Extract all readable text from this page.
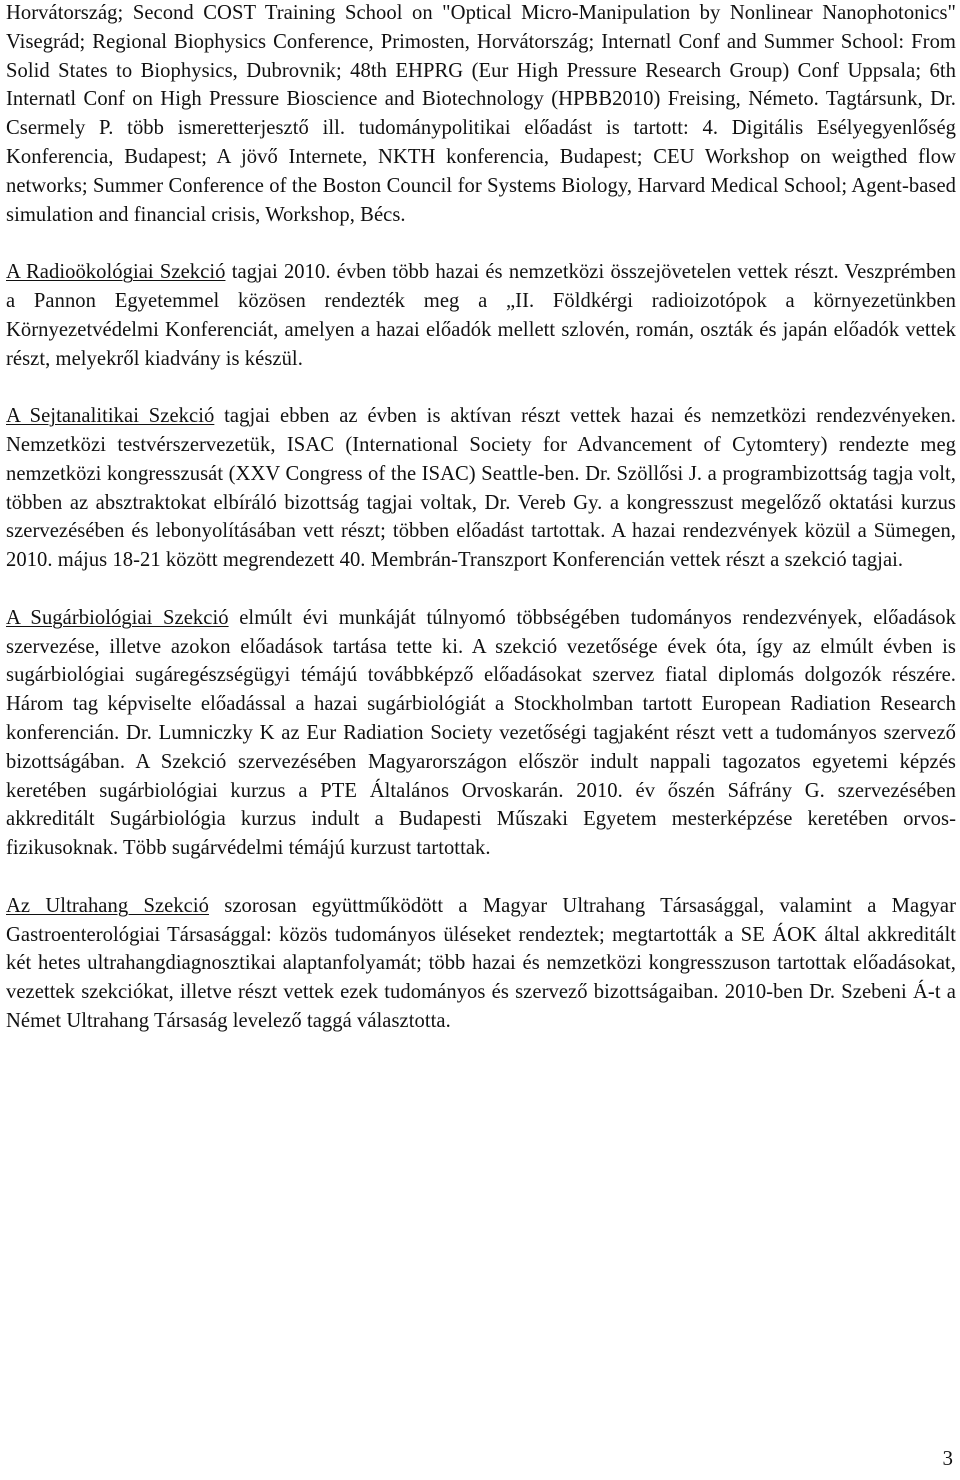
Horvátország; Second COST Training School on "Optical Micro-Manipulation by Nonlinear Nanophotonics" Visegrád; Regional Biophysics Conference, Primosten, Horvátország; Internatl Conf and Summer School: From Solid States to Biophysics, Dubrovnik; 48th EHPRG (Eur High Pressure Research Group) Conf Uppsala; 6th Internatl Conf on High Pressure Bioscience and Biotechnology (HPBB2010) Freising, Németo. Tagtársunk, Dr. Csermely P. több ismeretterjesztő ill. tudománypolitikai előadást is tartott: 4. Digitális Esélyegyenlőség Konferencia, Budapest; A jövő Internete, NKTH konferencia, Budapest; CEU Workshop on weigthed flow networks; Summer Conference of the Boston Council for Systems Biology, Harvard Medical School; Agent-based simulation and financial crisis, Workshop, Bécs.

A Radioökológiai Szekció tagjai 2010. évben több hazai és nemzetközi összejövetelen vettek részt. Veszprémben a Pannon Egyetemmel közösen rendezték meg a „II. Földkérgi radioizotópok a környezetünkben Környezetvédelmi Konferenciát, amelyen a hazai előadók mellett szlovén, román, oszták és japán előadók vettek részt, melyekről kiadvány is készül.

A Sejtanalitikai Szekció tagjai ebben az évben is aktívan részt vettek hazai és nemzetközi rendezvényeken. Nemzetközi testvérszervezetük, ISAC (International Society for Advancement of Cytomtery) rendezte meg nemzetközi kongresszusát (XXV Congress of the ISAC) Seattle-ben. Dr. Szöllősi J. a programbizottság tagja volt, többen az absztraktokat elbíráló bizottság tagjai voltak, Dr. Vereb Gy. a kongresszust megelőző oktatási kurzus szervezésében és lebonyolításában vett részt; többen előadást tartottak. A hazai rendezvények közül a Sümegen, 2010. május 18-21 között megrendezett 40. Membrán-Transzport Konferencián vettek részt a szekció tagjai.

A Sugárbiológiai Szekció elmúlt évi munkáját túlnyomó többségében tudományos rendezvények, előadások szervezése, illetve azokon előadások tartása tette ki. A szekció vezetősége évek óta, így az elmúlt évben is sugárbiológiai sugáregészségügyi témájú továbbképző előadásokat szervez fiatal diplomás dolgozók részére. Három tag képviselte előadással a hazai sugárbiológiát a Stockholmban tartott European Radiation Research konferencián. Dr. Lumniczky K az Eur Radiation Society vezetőségi tagjaként részt vett a tudományos szervező bizottságában. A Szekció szervezésében Magyarországon először indult nappali tagozatos egyetemi képzés keretében sugárbiológiai kurzus a PTE Általános Orvoskarán. 2010. év őszén Sáfrány G. szervezésében akkreditált Sugárbiológia kurzus indult a Budapesti Műszaki Egyetem mesterképzése keretében orvos-fizikusoknak. Több sugárvédelmi témájú kurzust tartottak.

Az Ultrahang Szekció szorosan együttműködött a Magyar Ultrahang Társasággal, valamint a Magyar Gastroenterológiai Társasággal: közös tudományos üléseket rendeztek; megtartották a SE ÁOK által akkreditált két hetes ultrahangdiagnosztikai alaptanfolyamát; több hazai és nemzetközi kongresszuson tartottak előadásokat, vezettek szekciókat, illetve részt vettek ezek tudományos és szervező bizottságaiban. 2010-ben Dr. Szebeni Á-t a Német Ultrahang Társaság levelező taggá választotta.

3
